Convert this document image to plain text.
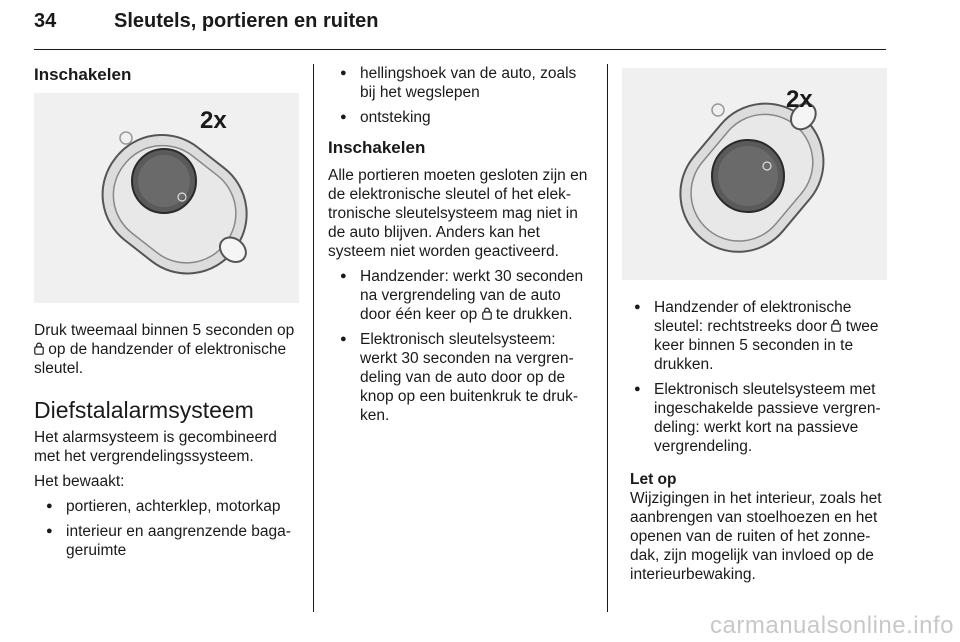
34	Sleutels, portieren en ruiten
Inschakelen
2x
Druk tweemaal binnen 5 seconden op  op de handzender of elektronische sleutel.
Diefstalalarmsysteem
Het alarmsysteem is gecombineerd met het vergrendelingssysteem.
Het bewaakt:
● portieren, achterklep, motorkap
● interieur en aangrenzende bagageruimte
● hellingshoek van de auto, zoals bij het wegslepen
● ontsteking
Inschakelen
Alle portieren moeten gesloten zijn en de elektronische sleutel of het elektronische sleutelsysteem mag niet in de auto blijven. Anders kan het systeem niet worden geactiveerd.
● Handzender: werkt 30 seconden na vergrendeling van de auto door één keer op  te drukken.
● Elektronisch sleutelsysteem: werkt 30 seconden na vergrendeling van de auto door op de knop op een buitenkruk te drukken.
2x
● Handzender of elektronische sleutel: rechtstreeks door  twee keer binnen 5 seconden in te drukken.
● Elektronisch sleutelsysteem met ingeschakelde passieve vergrendeling: werkt kort na passieve vergrendeling.
Let op
Wijzigingen in het interieur, zoals het aanbrengen van stoelhoezen en het openen van de ruiten of het zonnedak, zijn mogelijk van invloed op de interieurbewaking.
carmanualsonline.info
